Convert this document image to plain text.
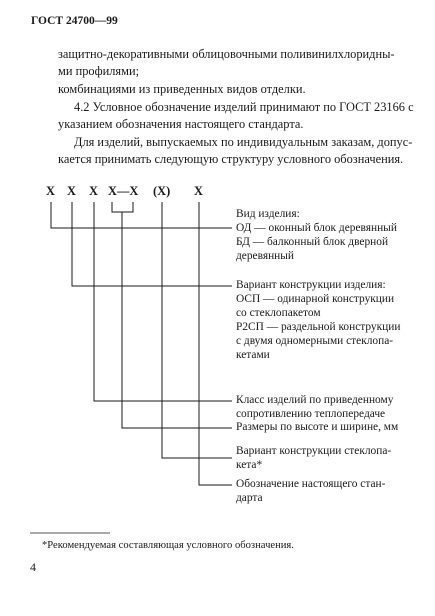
ГОСТ 24700—99
защитно-декоративными облицовочными поливинилхлоридны-
ми профилями;
комбинациями из приведенных видов отделки.
4.2 Условное обозначение изделий принимают по ГОСТ 23166 с
указанием обозначения настоящего стандарта.
Для изделий, выпускаемых по индивидуальным заказам, допус-
кается принимать следующую структуру условного обозначения.
Х Х Х Х—Х (Х) Х
Вид изделия:
ОД — оконный блок деревянный
БД — балконный блок дверной
деревянный
Вариант конструкции изделия:
ОСП — одинарной конструкции
со стеклопакетом
Р2СП — раздельной конструкции
с двумя одномерными стеклопа-
кетами
Класс изделий по приведенному
сопротивлению теплопередаче
Размеры по высоте и ширине, мм
Вариант конструкции стеклопа-
кета*
Обозначение настоящего стан-
дарта
*Рекомендуемая составляющая условного обозначения.
4
